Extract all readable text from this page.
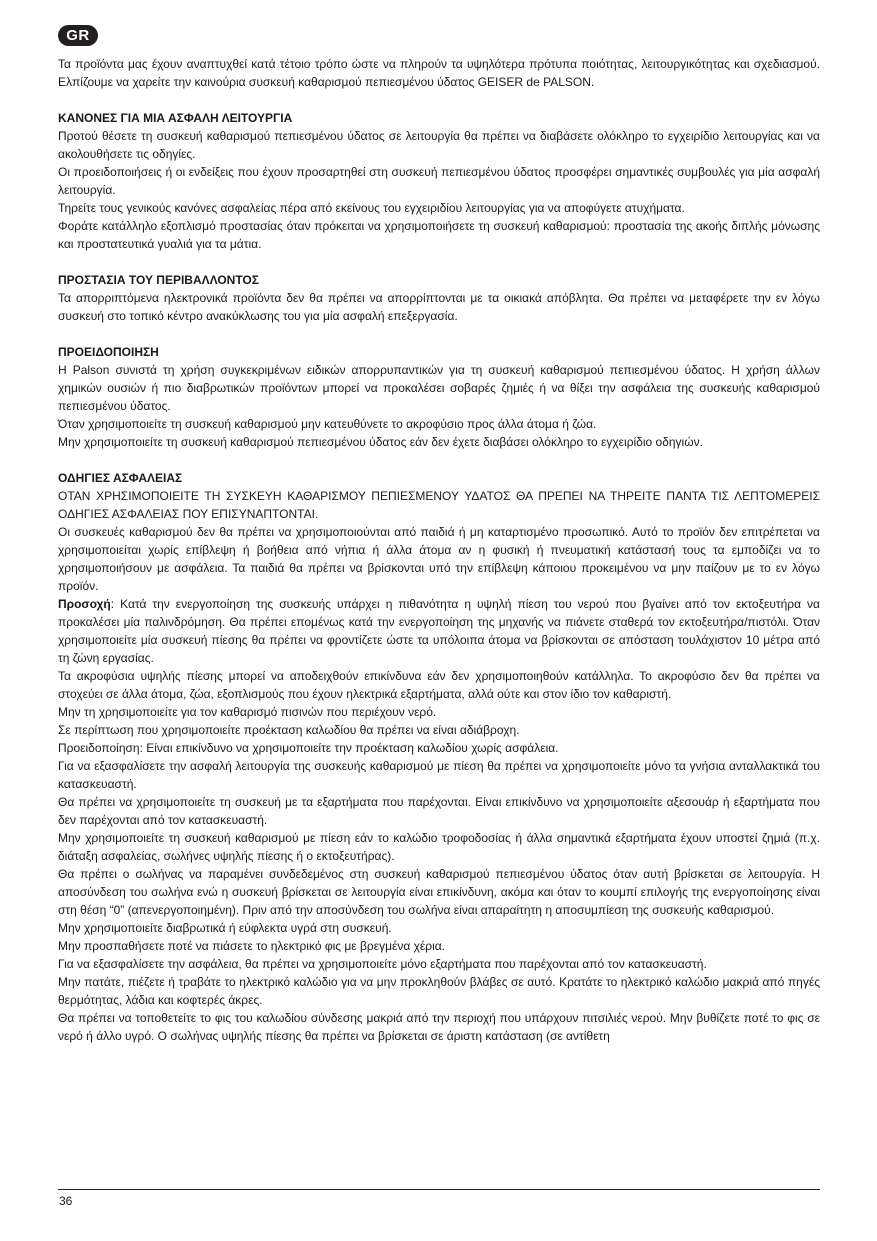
GR

Τα προϊόντα μας έχουν αναπτυχθεί κατά τέτοιο τρόπο ώστε να πληρούν τα υψηλότερα πρότυπα ποιότητας, λειτουργικότητας και σχεδιασμού. Ελπίζουμε να χαρείτε την καινούρια συσκευή καθαρισμού πεπιεσμένου ύδατος GEISER de PALSON.

ΚΑΝΟΝΕΣ ΓΙΑ ΜΙΑ ΑΣΦΑΛΗ ΛΕΙΤΟΥΡΓΙΑ

Προτού θέσετε τη συσκευή καθαρισμού πεπιεσμένου ύδατος σε λειτουργία θα πρέπει να διαβάσετε ολόκληρο το εγχειρίδιο λειτουργίας και να ακολουθήσετε τις οδηγίες.

Οι προειδοποιήσεις ή οι ενδείξεις που έχουν προσαρτηθεί στη συσκευή πεπιεσμένου ύδατος προσφέρει σημαντικές συμβουλές για μία ασφαλή λειτουργία.

Τηρείτε τους γενικούς κανόνες ασφαλείας πέρα από εκείνους του εγχειριδίου λειτουργίας για να αποφύγετε ατυχήματα.

Φοράτε κατάλληλο εξοπλισμό προστασίας όταν πρόκειται να χρησιμοποιήσετε τη συσκευή καθαρισμού: προστασία της ακοής διπλής μόνωσης και προστατευτικά γυαλιά για τα μάτια.

ΠΡΟΣΤΑΣΙΑ ΤΟΥ ΠΕΡΙΒΑΛΛΟΝΤΟΣ

Τα απορριπτόμενα ηλεκτρονικά προϊόντα δεν θα πρέπει να απορρίπτονται με τα οικιακά απόβλητα. Θα πρέπει να μεταφέρετε την εν λόγω συσκευή στο τοπικό κέντρο ανακύκλωσης του για μία ασφαλή επεξεργασία.

ΠΡΟΕΙΔΟΠΟΙΗΣΗ

Η Palson συνιστά τη χρήση συγκεκριμένων ειδικών απορρυπαντικών για τη συσκευή καθαρισμού πεπιεσμένου ύδατος. Η χρήση άλλων χημικών ουσιών ή πιο διαβρωτικών προϊόντων μπορεί να προκαλέσει σοβαρές ζημιές ή να θίξει την ασφάλεια της συσκευής καθαρισμού πεπιεσμένου ύδατος.

Όταν χρησιμοποιείτε τη συσκευή καθαρισμού μην κατευθύνετε το ακροφύσιο προς άλλα άτομα ή ζώα.

Μην χρησιμοποιείτε τη συσκευή καθαρισμού πεπιεσμένου ύδατος εάν δεν έχετε διαβάσει ολόκληρο το εγχειρίδιο οδηγιών.

ΟΔΗΓΙΕΣ ΑΣΦΑΛΕΙΑΣ

ΟΤΑΝ ΧΡΗΣΙΜΟΠΟΙΕΙΤΕ ΤΗ ΣΥΣΚΕΥΗ ΚΑΘΑΡΙΣΜΟΥ ΠΕΠΙΕΣΜΕΝΟΥ ΥΔΑΤΟΣ ΘΑ ΠΡΕΠΕΙ ΝΑ ΤΗΡΕΙΤΕ ΠΑΝΤΑ ΤΙΣ ΛΕΠΤΟΜΕΡΕΙΣ ΟΔΗΓΙΕΣ ΑΣΦΑΛΕΙΑΣ ΠΟΥ ΕΠΙΣΥΝΑΠΤΟΝΤΑΙ.

Οι συσκευές καθαρισμού δεν θα πρέπει να χρησιμοποιούνται από παιδιά ή μη καταρτισμένο προσωπικό. Αυτό το προϊόν δεν επιτρέπεται να χρησιμοποιείται χωρίς επίβλεψη ή βοήθεια από νήπια ή άλλα άτομα αν η φυσική ή πνευματική κατάστασή τους τα εμποδίζει να το χρησιμοποιήσουν με ασφάλεια. Τα παιδιά θα πρέπει να βρίσκονται υπό την επίβλεψη κάποιου προκειμένου να μην παίζουν με το εν λόγω προϊόν.

Προσοχή: Κατά την ενεργοποίηση της συσκευής υπάρχει η πιθανότητα η υψηλή πίεση του νερού που βγαίνει από τον εκτοξευτήρα να προκαλέσει μία παλινδρόμηση. Θα πρέπει επομένως κατά την ενεργοποίηση της μηχανής να πιάνετε σταθερά τον εκτοξευτήρα/πιστόλι. Όταν χρησιμοποιείτε μία συσκευή πίεσης θα πρέπει να φροντίζετε ώστε τα υπόλοιπα άτομα να βρίσκονται σε απόσταση τουλάχιστον 10 μέτρα από τη ζώνη εργασίας.

Τα ακροφύσια υψηλής πίεσης μπορεί να αποδειχθούν επικίνδυνα εάν δεν χρησιμοποιηθούν κατάλληλα. Το ακροφύσιο δεν θα πρέπει να στοχεύει σε άλλα άτομα, ζώα, εξοπλισμούς που έχουν ηλεκτρικά εξαρτήματα, αλλά ούτε και στον ίδιο τον καθαριστή.

Μην τη χρησιμοποιείτε για τον καθαρισμό πισινών που περιέχουν νερό.

Σε περίπτωση που χρησιμοποιείτε προέκταση καλωδίου θα πρέπει να είναι αδιάβροχη.

Προειδοποίηση: Είναι επικίνδυνο να χρησιμοποιείτε την προέκταση καλωδίου χωρίς ασφάλεια.

Για να εξασφαλίσετε την ασφαλή λειτουργία της συσκευής καθαρισμού με πίεση θα πρέπει να χρησιμοποιείτε μόνο τα γνήσια ανταλλακτικά του κατασκευαστή.

Θα πρέπει να χρησιμοποιείτε τη συσκευή με τα εξαρτήματα που παρέχονται. Είναι επικίνδυνο να χρησιμοποιείτε αξεσουάρ ή εξαρτήματα που δεν παρέχονται από τον κατασκευαστή.

Μην χρησιμοποιείτε τη συσκευή καθαρισμού με πίεση εάν το καλώδιο τροφοδοσίας ή άλλα σημαντικά εξαρτήματα έχουν υποστεί ζημιά (π.χ. διάταξη ασφαλείας, σωλήνες υψηλής πίεσης ή ο εκτοξευτήρας).

Θα πρέπει ο σωλήνας να παραμένει συνδεδεμένος στη συσκευή καθαρισμού πεπιεσμένου ύδατος όταν αυτή βρίσκεται σε λειτουργία. Η αποσύνδεση του σωλήνα ενώ η συσκευή βρίσκεται σε λειτουργία είναι επικίνδυνη, ακόμα και όταν το κουμπί επιλογής της ενεργοποίησης είναι στη θέση “0” (απενεργοποιημένη). Πριν από την αποσύνδεση του σωλήνα είναι απαραίτητη η αποσυμπίεση της συσκευής καθαρισμού.

Μην χρησιμοποιείτε διαβρωτικά ή εύφλεκτα υγρά στη συσκευή.

Μην προσπαθήσετε ποτέ να πιάσετε το ηλεκτρικό φις με βρεγμένα χέρια.

Για να εξασφαλίσετε την ασφάλεια, θα πρέπει να χρησιμοποιείτε μόνο εξαρτήματα που παρέχονται από τον κατασκευαστή.

Μην πατάτε, πιέζετε ή τραβάτε το ηλεκτρικό καλώδιο για να μην προκληθούν βλάβες σε αυτό. Κρατάτε το ηλεκτρικό καλώδιο μακριά από πηγές θερμότητας, λάδια και κοφτερές άκρες.

Θα πρέπει να τοποθετείτε το φις του καλωδίου σύνδεσης μακριά από την περιοχή που υπάρχουν πιτσιλιές νερού. Μην βυθίζετε ποτέ το φις σε νερό ή άλλο υγρό. Ο σωλήνας υψηλής πίεσης θα πρέπει να βρίσκεται σε άριστη κατάσταση (σε αντίθετη

36
